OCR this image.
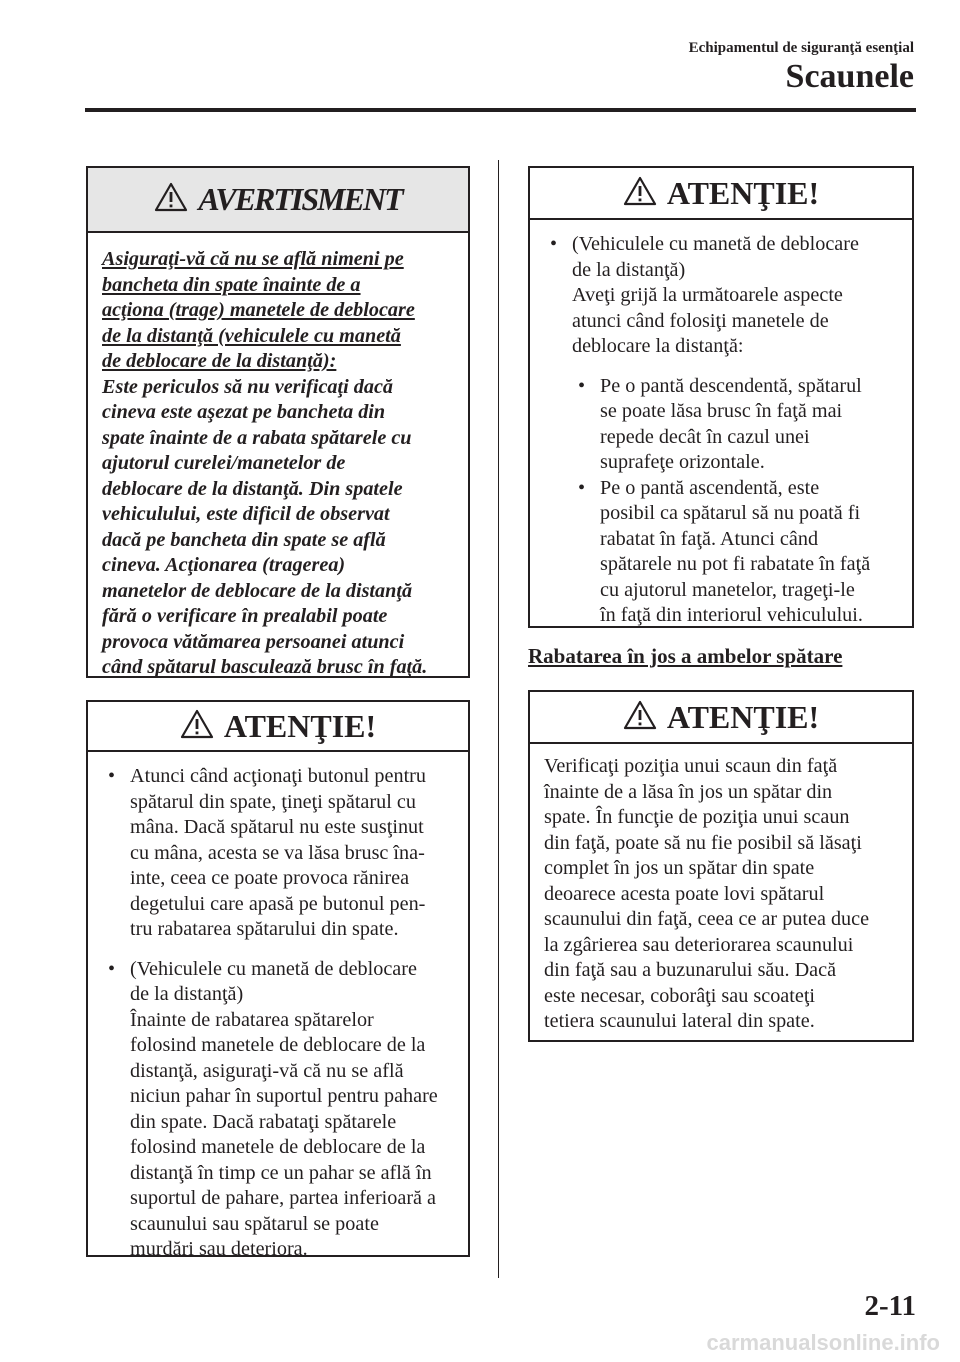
Echipamentul de siguranţă esenţial

Scaunele
AVERTISMENT
Asiguraţi-vă că nu se află nimeni pe
bancheta din spate înainte de a
acţiona (trage) manetele de deblocare
de la distanţă (vehiculele cu manetă
de deblocare de la distanţă):
Este periculos să nu verificaţi dacă
cineva este aşezat pe bancheta din
spate înainte de a rabata spătarele cu
ajutorul curelei/manetelor de
deblocare de la distanţă. Din spatele
vehiculului, este dificil de observat
dacă pe bancheta din spate se află
cineva. Acţionarea (tragerea)
manetelor de deblocare de la distanţă
fără o verificare în prealabil poate
provoca vătămarea persoanei atunci
când spătarul basculează brusc în faţă.
ATENŢIE!
• Atunci când acţionaţi butonul pentru
spătarul din spate, ţineţi spătarul cu
mâna. Dacă spătarul nu este susţinut
cu mâna, acesta se va lăsa brusc îna-
inte, ceea ce poate provoca rănirea
degetului care apasă pe butonul pen-
tru rabatarea spătarului din spate.
• (Vehiculele cu manetă de deblocare
de la distanţă)
Înainte de rabatarea spătarelor
folosind manetele de deblocare de la
distanţă, asiguraţi-vă că nu se află
niciun pahar în suportul pentru pahare
din spate. Dacă rabataţi spătarele
folosind manetele de deblocare de la
distanţă în timp ce un pahar se află în
suportul de pahare, partea inferioară a
scaunului sau spătarul se poate
murdări sau deteriora.
ATENŢIE!
• (Vehiculele cu manetă de deblocare
de la distanţă)
Aveţi grijă la următoarele aspecte
atunci când folosiţi manetele de
deblocare la distanţă:
• Pe o pantă descendentă, spătarul
se poate lăsa brusc în faţă mai
repede decât în cazul unei
suprafeţe orizontale.
• Pe o pantă ascendentă, este
posibil ca spătarul să nu poată fi
rabatat în faţă. Atunci când
spătarele nu pot fi rabatate în faţă
cu ajutorul manetelor, trageţi-le
în faţă din interiorul vehiculului.
Rabatarea în jos a ambelor spătare
ATENŢIE!
Verificaţi poziţia unui scaun din faţă
înainte de a lăsa în jos un spătar din
spate. În funcţie de poziţia unui scaun
din faţă, poate să nu fie posibil să lăsaţi
complet în jos un spătar din spate
deoarece acesta poate lovi spătarul
scaunului din faţă, ceea ce ar putea duce
la zgârierea sau deteriorarea scaunului
din faţă sau a buzunarului său. Dacă
este necesar, coborâţi sau scoateţi
tetiera scaunului lateral din spate.

2-11

carmanualsonline.info
